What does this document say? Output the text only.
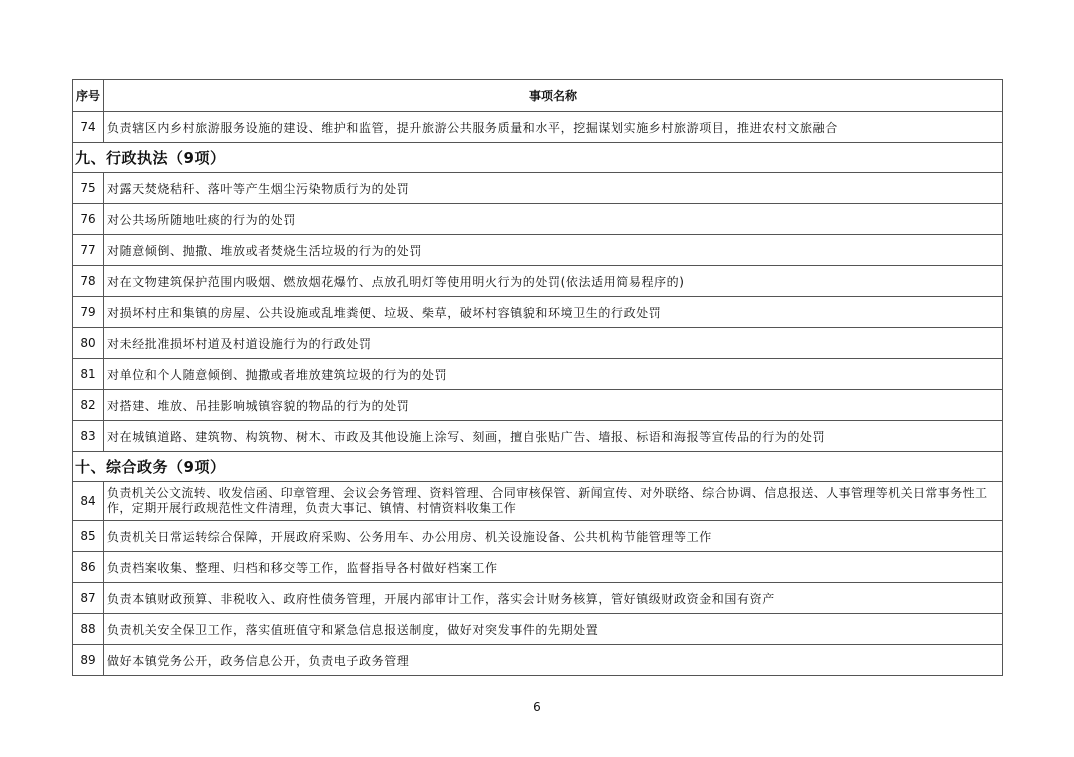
序号	事项名称
74	负责辖区内乡村旅游服务设施的建设、维护和监管，提升旅游公共服务质量和水平，挖掘谋划实施乡村旅游项目，推进农村文旅融合
九、行政执法（9项）	
75	对露天焚烧秸秆、落叶等产生烟尘污染物质行为的处罚
76	对公共场所随地吐痰的行为的处罚
77	对随意倾倒、抛撒、堆放或者焚烧生活垃圾的行为的处罚
78	对在文物建筑保护范围内吸烟、燃放烟花爆竹、点放孔明灯等使用明火行为的处罚(依法适用简易程序的)
79	对损坏村庄和集镇的房屋、公共设施或乱堆粪便、垃圾、柴草，破坏村容镇貌和环境卫生的行政处罚
80	对未经批准损坏村道及村道设施行为的行政处罚
81	对单位和个人随意倾倒、抛撒或者堆放建筑垃圾的行为的处罚
82	对搭建、堆放、吊挂影响城镇容貌的物品的行为的处罚
83	对在城镇道路、建筑物、构筑物、树木、市政及其他设施上涂写、刻画，擅自张贴广告、墙报、标语和海报等宣传品的行为的处罚
十、综合政务（9项）	
84	负责机关公文流转、收发信函、印章管理、会议会务管理、资料管理、合同审核保管、新闻宣传、对外联络、综合协调、信息报送、人事管理等机关日常事务性工作，定期开展行政规范性文件清理，负责大事记、镇情、村情资料收集工作
85	负责机关日常运转综合保障，开展政府采购、公务用车、办公用房、机关设施设备、公共机构节能管理等工作
86	负责档案收集、整理、归档和移交等工作，监督指导各村做好档案工作
87	负责本镇财政预算、非税收入、政府性债务管理，开展内部审计工作，落实会计财务核算，管好镇级财政资金和国有资产
88	负责机关安全保卫工作，落实值班值守和紧急信息报送制度，做好对突发事件的先期处置
89	做好本镇党务公开，政务信息公开，负责电子政务管理
6
